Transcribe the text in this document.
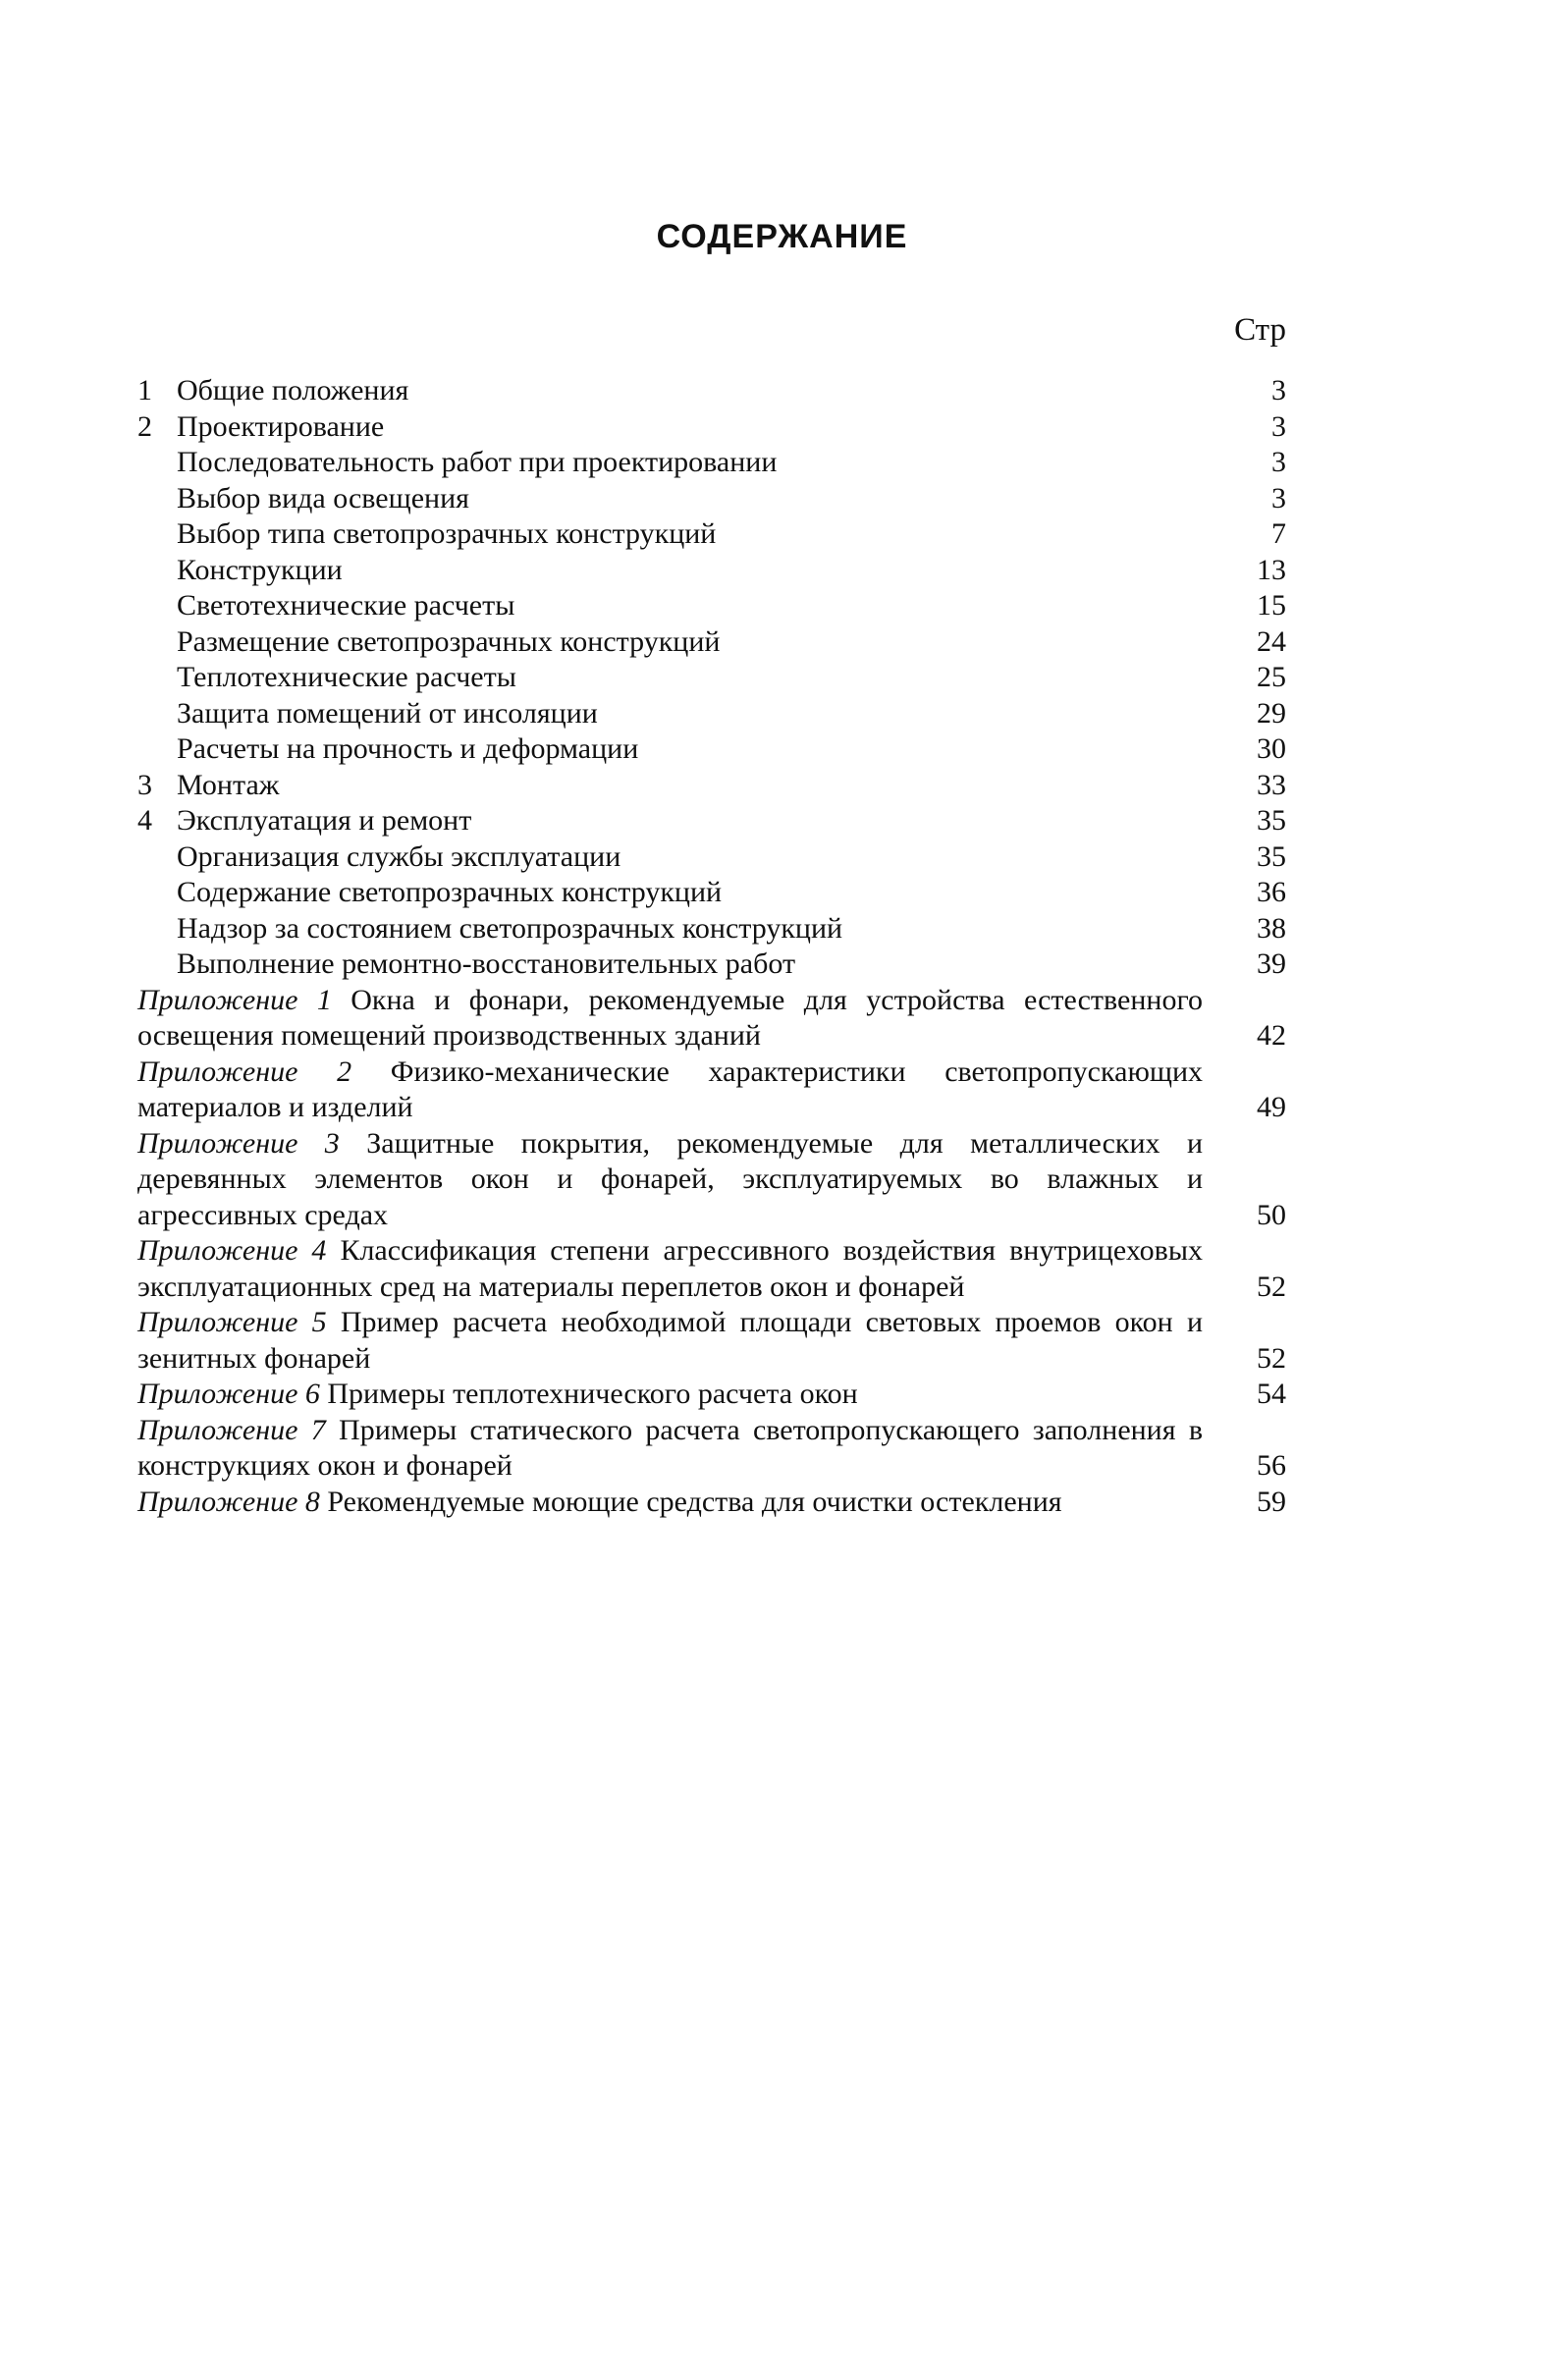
СОДЕРЖАНИЕ
Стр
1 Общие положения	3
2 Проектирование	3
Последовательность работ при проектировании	3
Выбор вида освещения	3
Выбор типа светопрозрачных конструкций	7
Конструкции	13
Светотехнические расчеты	15
Размещение светопрозрачных конструкций	24
Теплотехнические расчеты	25
Защита помещений от инсоляции	29
Расчеты на прочность и деформации	30
3 Монтаж	33
4 Эксплуатация и ремонт	35
Организация службы эксплуатации	35
Содержание светопрозрачных конструкций	36
Надзор за состоянием светопрозрачных конструкций	38
Выполнение ремонтно-восстановительных работ	39
Приложение 1 Окна и фонари, рекомендуемые для устройства естественного освещения помещений производственных зданий	42
Приложение 2 Физико-механические характеристики светопропускающих материалов и изделий	49
Приложение 3 Защитные покрытия, рекомендуемые для металлических и деревянных элементов окон и фонарей, эксплуатируемых во влажных и агрессивных средах	50
Приложение 4 Классификация степени агрессивного воздействия внутрицеховых эксплуатационных сред на материалы переплетов окон и фонарей	52
Приложение 5 Пример расчета необходимой площади световых проемов окон и зенитных фонарей	52
Приложение 6 Примеры теплотехнического расчета окон	54
Приложение 7 Примеры статического расчета светопропускающего заполнения в конструкциях окон и фонарей	56
Приложение 8 Рекомендуемые моющие средства для очистки остекления	59
